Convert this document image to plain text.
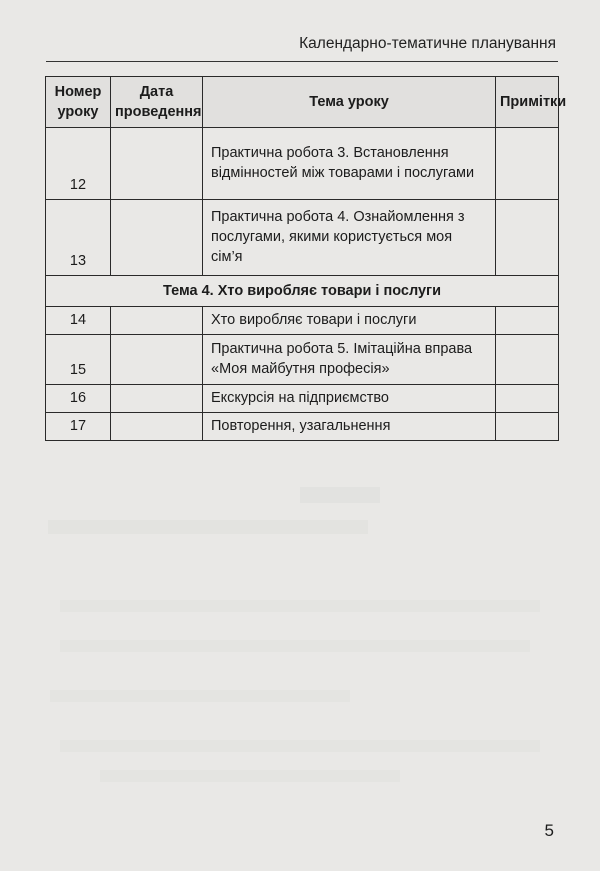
Календарно-тематичне планування
Номер уроку	Дата проведення	Тема уроку	Примітки
12		Практична робота 3. Встановлення відмінностей між товарами і послугами	
13		Практична робота 4. Ознайомлення з послугами, якими користується моя сім’я	
Тема 4. Хто виробляє товари і послуги			
14		Хто виробляє товари і послуги	
15		Практична робота 5. Імітаційна вправа «Моя майбутня професія»	
16		Екскурсія на підприємство	
17		Повторення, узагальнення	
5
